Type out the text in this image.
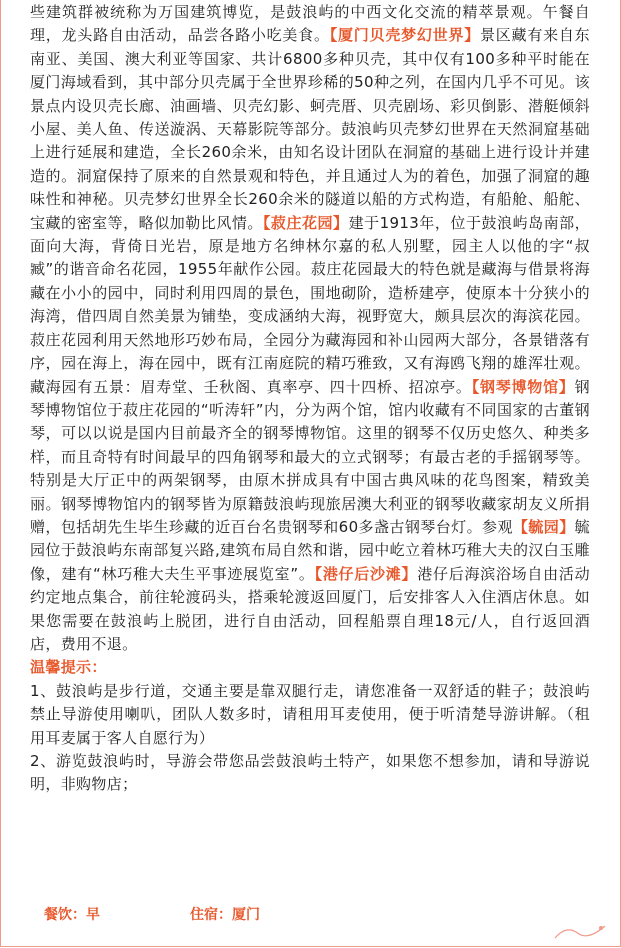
些建筑群被统称为万国建筑博览，是鼓浪屿的中西文化交流的精萃景观。午餐自理，龙头路自由活动，品尝各路小吃美食。【厦门贝壳梦幻世界】景区藏有来自东南亚、美国、澳大利亚等国家、共计6800多种贝壳，其中仅有100多种平时能在厦门海域看到，其中部分贝壳属于全世界珍稀的50种之列，在国内几乎不可见。该景点内设贝壳长廊、油画墙、贝壳幻影、蚵壳厝、贝壳剧场、彩贝倒影、潜艇倾斜小屋、美人鱼、传送漩涡、天幕影院等部分。鼓浪屿贝壳梦幻世界在天然洞窟基础上进行延展和建造，全长260余米，由知名设计团队在洞窟的基础上进行设计并建造的。洞窟保持了原来的自然景观和特色，并且通过人为的着色，加强了洞窟的趣味性和神秘。贝壳梦幻世界全长260余米的隧道以船的方式构造，有船舱、船舵、宝藏的密室等，略似加勒比风情。【菽庄花园】建于1913年，位于鼓浪屿岛南部，面向大海，背倚日光岩，原是地方名绅林尔嘉的私人别墅，园主人以他的字“叔臧”的谐音命名花园，1955年献作公园。菽庄花园最大的特色就是藏海与借景将海藏在小小的园中，同时利用四周的景色，围地砌阶，造桥建亭，使原本十分狭小的海湾，借四周自然美景为铺垫，变成涵纳大海，视野宽大，颇具层次的海滨花园。菽庄花园利用天然地形巧妙布局，全园分为藏海园和补山园两大部分，各景错落有序，园在海上，海在园中，既有江南庭院的精巧雅致，又有海鸥飞翔的雄浑壮观。藏海园有五景：眉寿堂、壬秋阁、真率亭、四十四桥、招凉亭。【钢琴博物馆】钢琴博物馆位于菽庄花园的“听涛轩”内，分为两个馆，馆内收藏有不同国家的古董钢琴，可以以说是国内目前最齐全的钢琴博物馆。这里的钢琴不仅历史悠久、种类多样，而且奇特有时间最早的四角钢琴和最大的立式钢琴；有最古老的手摇钢琴等。特别是大厅正中的两架钢琴，由原木拼成具有中国古典风味的花鸟图案，精致美丽。钢琴博物馆内的钢琴皆为原籍鼓浪屿现旅居澳大利亚的钢琴收藏家胡友义所捐赠，包括胡先生毕生珍藏的近百台名贵钢琴和60多盏古钢琴台灯。参观【毓园】毓园位于鼓浪屿东南部复兴路,建筑布局自然和谐，园中屹立着林巧稚大夫的汉白玉雕像，建有“林巧稚大夫生平事迹展览室”。【港仔后沙滩】港仔后海滨浴场自由活动约定地点集合，前往轮渡码头，搭乘轮渡返回厦门，后安排客人入住酒店休息。如果您需要在鼓浪屿上脱团，进行自由活动，回程船票自理18元/人，自行返回酒店，费用不退。

温馨提示：

1、鼓浪屿是步行道，交通主要是靠双腿行走，请您准备一双舒适的鞋子；鼓浪屿禁止导游使用喇叭，团队人数多时，请租用耳麦使用，便于听清楚导游讲解。（租用耳麦属于客人自愿行为）

2、游览鼓浪屿时，导游会带您品尝鼓浪屿土特产，如果您不想参加，请和导游说明，非购物店；

餐饮：早	住宿：厦门
